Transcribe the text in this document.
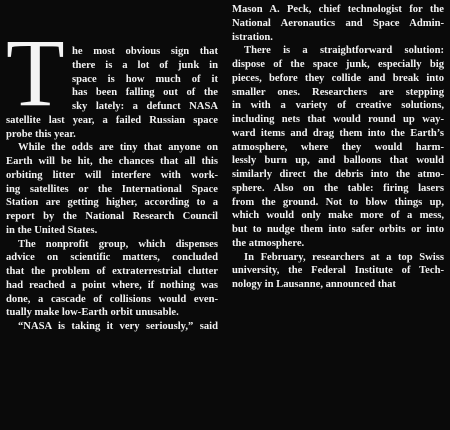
T he most obvious sign that
there is a lot of junk in
space is how much of it
has been falling out of the
sky lately: a defunct NASA
satellite last year, a failed Russian space
probe this year.
While the odds are tiny that anyone on
Earth will be hit, the chances that all this
orbiting litter will interfere with work-
ing satellites or the International Space
Station are getting higher, according to a
report by the National Research Council
in the United States.
The nonprofit group, which dispenses
advice on scientific matters, concluded
that the problem of extraterrestrial clutter
had reached a point where, if nothing was
done, a cascade of collisions would even-
tually make low-Earth orbit unusable.
“NASA is taking it very seriously,” said
Mason A. Peck, chief technologist for the
National Aeronautics and Space Admin-
istration.
There is a straightforward solution:
dispose of the space junk, especially big
pieces, before they collide and break into
smaller ones. Researchers are stepping
in with a variety of creative solutions,
including nets that would round up way-
ward items and drag them into the Earth’s
atmosphere, where they would harm-
lessly burn up, and balloons that would
similarly direct the debris into the atmo-
sphere. Also on the table: firing lasers
from the ground. Not to blow things up,
which would only make more of a mess,
but to nudge them into safer orbits or into
the atmosphere.
In February, researchers at a top Swiss
university, the Federal Institute of Tech-
nology in Lausanne, announced that
